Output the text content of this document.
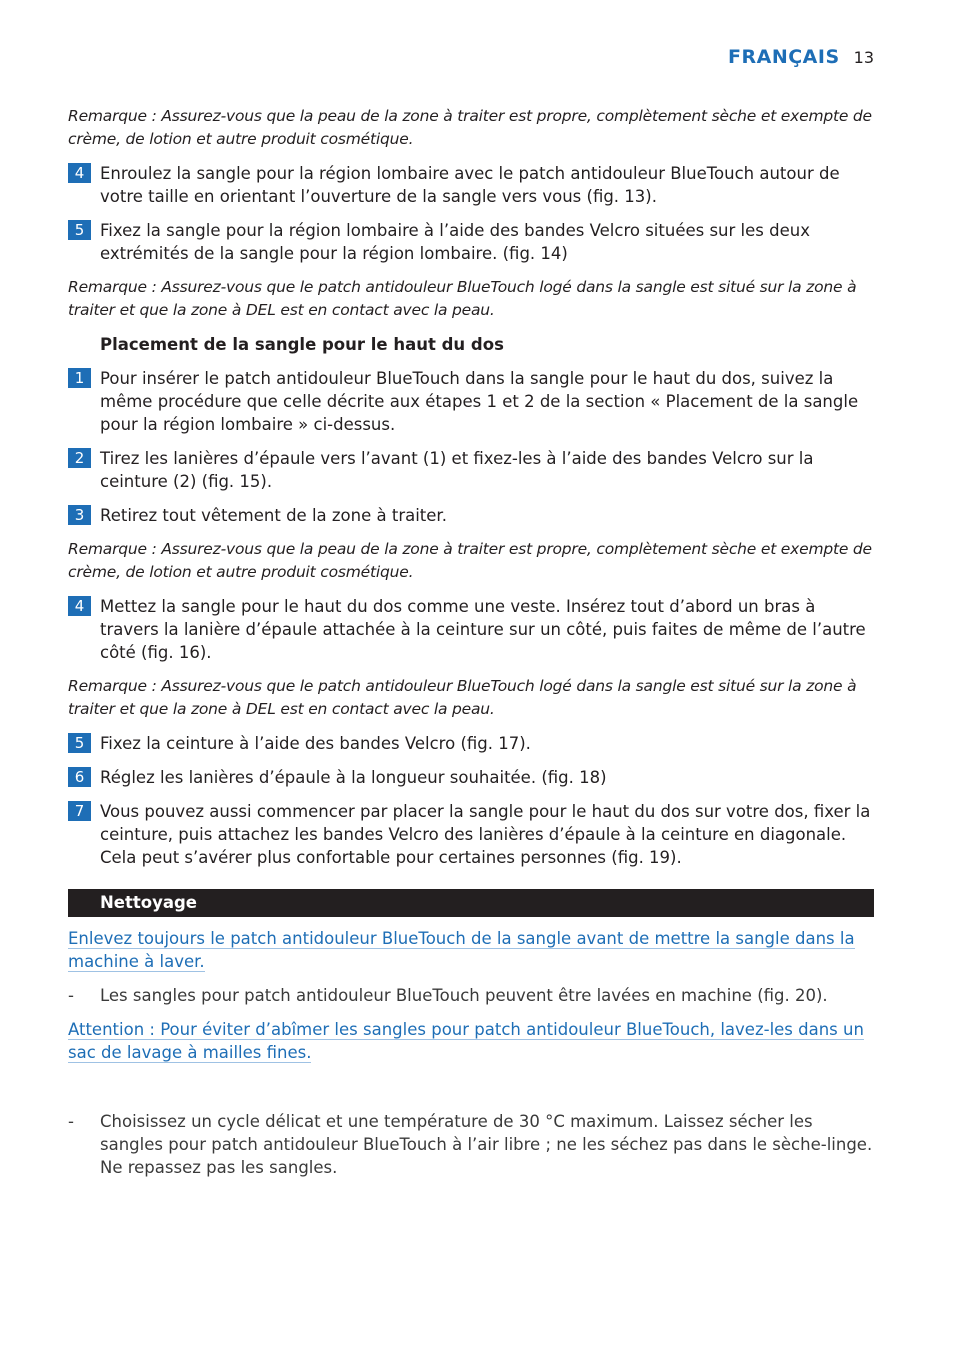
FRANÇAIS 13
Remarque : Assurez-vous que la peau de la zone à traiter est propre, complètement sèche et exempte de crème, de lotion et autre produit cosmétique.
4 Enroulez la sangle pour la région lombaire avec le patch antidouleur BlueTouch autour de votre taille en orientant l’ouverture de la sangle vers vous (fig. 13).
5 Fixez la sangle pour la région lombaire à l’aide des bandes Velcro situées sur les deux extrémités de la sangle pour la région lombaire. (fig. 14)
Remarque : Assurez-vous que le patch antidouleur BlueTouch logé dans la sangle est situé sur la zone à traiter et que la zone à DEL est en contact avec la peau.
Placement de la sangle pour le haut du dos
1 Pour insérer le patch antidouleur BlueTouch dans la sangle pour le haut du dos, suivez la même procédure que celle décrite aux étapes 1 et 2 de la section « Placement de la sangle pour la région lombaire » ci-dessus.
2 Tirez les lanières d’épaule vers l’avant (1) et fixez-les à l’aide des bandes Velcro sur la ceinture (2) (fig. 15).
3 Retirez tout vêtement de la zone à traiter.
Remarque : Assurez-vous que la peau de la zone à traiter est propre, complètement sèche et exempte de crème, de lotion et autre produit cosmétique.
4 Mettez la sangle pour le haut du dos comme une veste. Insérez tout d’abord un bras à travers la lanière d’épaule attachée à la ceinture sur un côté, puis faites de même de l’autre côté (fig. 16).
Remarque : Assurez-vous que le patch antidouleur BlueTouch logé dans la sangle est situé sur la zone à traiter et que la zone à DEL est en contact avec la peau.
5 Fixez la ceinture à l’aide des bandes Velcro (fig. 17).
6 Réglez les lanières d’épaule à la longueur souhaitée. (fig. 18)
7 Vous pouvez aussi commencer par placer la sangle pour le haut du dos sur votre dos, fixer la ceinture, puis attachez les bandes Velcro des lanières d’épaule à la ceinture en diagonale. Cela peut s’avérer plus confortable pour certaines personnes (fig. 19).
Nettoyage
Enlevez toujours le patch antidouleur BlueTouch de la sangle avant de mettre la sangle dans la machine à laver.
-	Les sangles pour patch antidouleur BlueTouch peuvent être lavées en machine (fig. 20).
Attention : Pour éviter d’abîmer les sangles pour patch antidouleur BlueTouch, lavez-les dans un sac de lavage à mailles fines.
-	Choisissez un cycle délicat et une température de 30 °C maximum. Laissez sécher les sangles pour patch antidouleur BlueTouch à l’air libre ; ne les séchez pas dans le sèche-linge.
Ne repassez pas les sangles.
